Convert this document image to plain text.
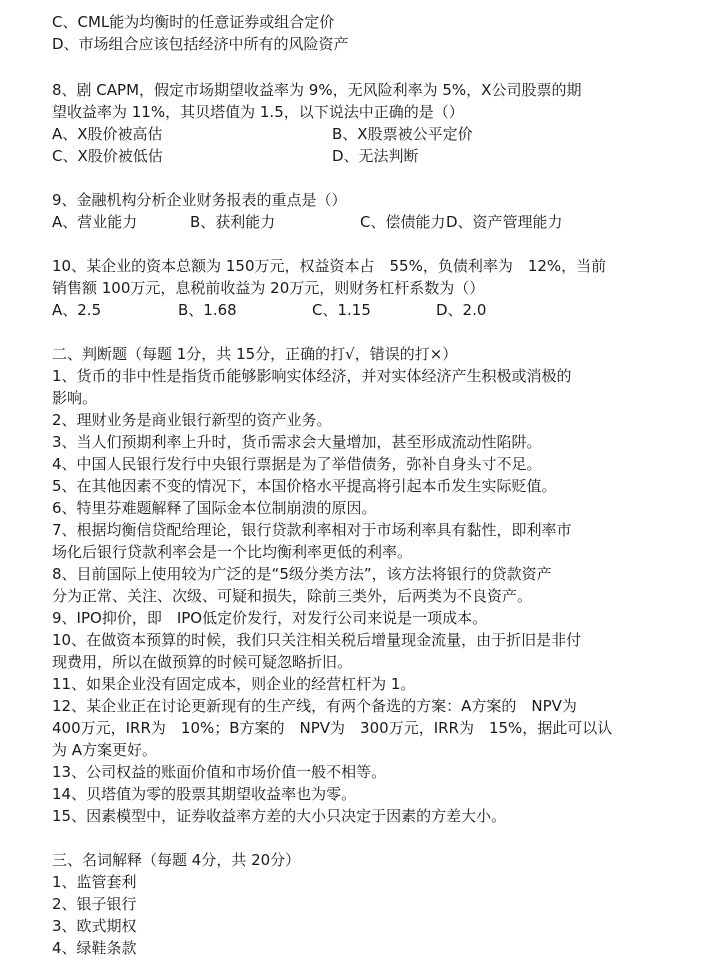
C、CML能为均衡时的任意证券或组合定价
D、市场组合应该包括经济中所有的风险资产
8、剧 CAPM，假定市场期望收益率为 9%，无风险利率为 5%，X公司股票的期
望收益率为 11%，其贝塔值为 1.5，以下说法中正确的是（）
A、X股价被高估	B、X股票被公平定价
C、X股价被低估	D、无法判断
9、金融机构分析企业财务报表的重点是（）
A、营业能力	B、获利能力	C、偿债能力 D、资产管理能力
10、某企业的资本总额为 150万元，权益资本占　55%，负债利率为　12%，当前
销售额 100万元，息税前收益为 20万元，则财务杠杆系数为（）
A、2.5	B、1.68	C、1.15	D、2.0
二、判断题（每题 1分，共 15分，正确的打√，错误的打×）
1、货币的非中性是指货币能够影响实体经济，并对实体经济产生积极或消极的
影响。
2、理财业务是商业银行新型的资产业务。
3、当人们预期利率上升时，货币需求会大量增加，甚至形成流动性陷阱。
4、中国人民银行发行中央银行票据是为了举借债务，弥补自身头寸不足。
5、在其他因素不变的情况下，本国价格水平提高将引起本币发生实际贬值。
6、特里芬难题解释了国际金本位制崩溃的原因。
7、根据均衡信贷配给理论，银行贷款利率相对于市场利率具有黏性，即利率市
场化后银行贷款利率会是一个比均衡利率更低的利率。
8、目前国际上使用较为广泛的是“5级分类方法”，该方法将银行的贷款资产
分为正常、关注、次级、可疑和损失，除前三类外，后两类为不良资产。
9、IPO抑价，即　IPO低定价发行，对发行公司来说是一项成本。
10、在做资本预算的时候，我们只关注相关税后增量现金流量，由于折旧是非付
现费用，所以在做预算的时候可疑忽略折旧。
11、如果企业没有固定成本，则企业的经营杠杆为 1。
12、某企业正在讨论更新现有的生产线，有两个备选的方案：A方案的　NPV为
400万元，IRR为　10%；B方案的　NPV为　300万元，IRR为　15%，据此可以认
为 A方案更好。
13、公司权益的账面价值和市场价值一般不相等。
14、贝塔值为零的股票其期望收益率也为零。
15、因素模型中，证券收益率方差的大小只决定于因素的方差大小。
三、名词解释（每题 4分，共 20分）
1、监管套利
2、银子银行
3、欧式期权
4、绿鞋条款
